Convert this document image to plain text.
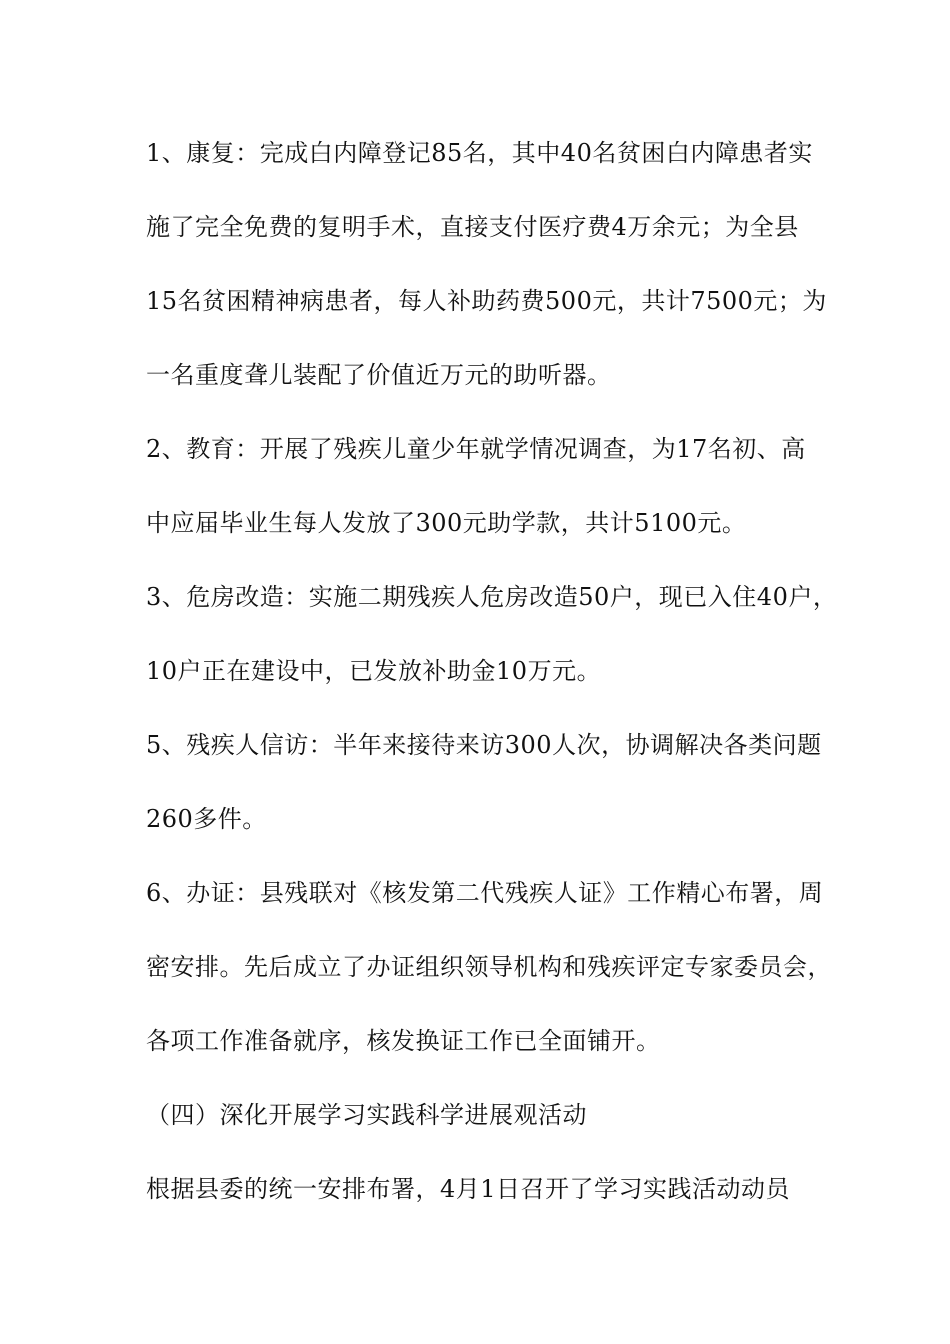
1、康复：完成白内障登记85名，其中40名贫困白内障患者实
施了完全免费的复明手术，直接支付医疗费4万余元；为全县
15名贫困精神病患者，每人补助药费500元，共计7500元；为
一名重度聋儿装配了价值近万元的助听器。
2、教育：开展了残疾儿童少年就学情况调查，为17名初、高
中应届毕业生每人发放了300元助学款，共计5100元。
3、危房改造：实施二期残疾人危房改造50户，现已入住40户，
10户正在建设中，已发放补助金10万元。
5、残疾人信访：半年来接待来访300人次，协调解决各类问题
260多件。
6、办证：县残联对《核发第二代残疾人证》工作精心布署，周
密安排。先后成立了办证组织领导机构和残疾评定专家委员会，
各项工作准备就序，核发换证工作已全面铺开。
（四）深化开展学习实践科学进展观活动
根据县委的统一安排布署，4月1日召开了学习实践活动动员
